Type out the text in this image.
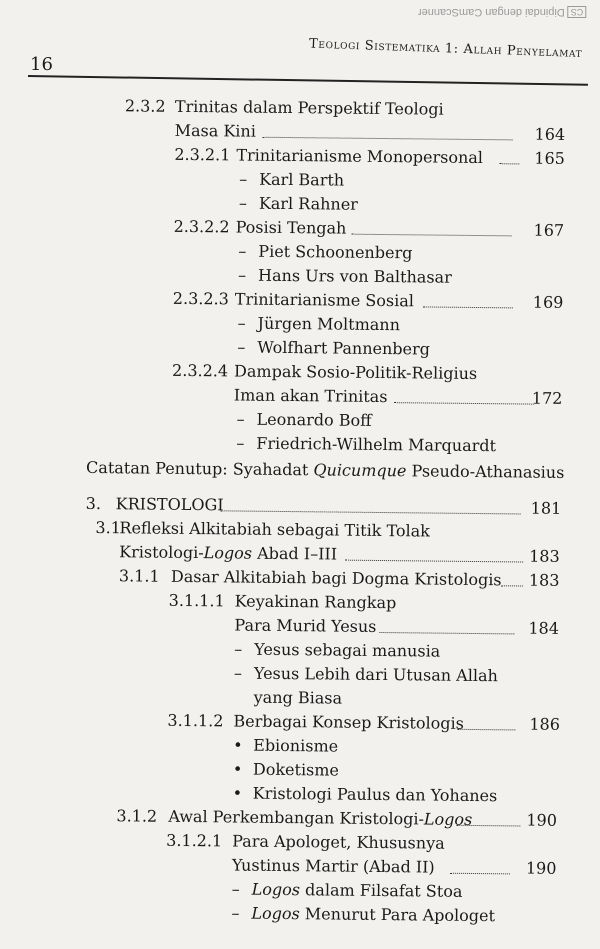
CSDipindai dengan CamScanner
16
Teologi Sistematika 1: Allah Penyelamat
2.3.2 Trinitas dalam Perspektif Teologi
Masa Kini	164
2.3.2.1 Trinitarianisme Monopersonal	165
– Karl Barth
– Karl Rahner
2.3.2.2 Posisi Tengah	167
– Piet Schoonenberg
– Hans Urs von Balthasar
2.3.2.3 Trinitarianisme Sosial	169
– Jürgen Moltmann
– Wolfhart Pannenberg
2.3.2.4 Dampak Sosio-Politik-Religius
Iman akan Trinitas	172
– Leonardo Boff
– Friedrich-Wilhelm Marquardt
Catatan Penutup: Syahadat Quicumque Pseudo-Athanasius
3. KRISTOLOGI	181
3.1
Refleksi Alkitabiah sebagai Titik Tolak
Kristologi-Logos Abad I–III	183
3.1.1 Dasar Alkitabiah bagi Dogma Kristologis 183
3.1.1.1 Keyakinan Rangkap
Para Murid Yesus	184
– Yesus sebagai manusia
– Yesus Lebih dari Utusan Allah
yang Biasa
3.1.1.2 Berbagai Konsep Kristologis	186
• Ebionisme
• Doketisme
• Kristologi Paulus dan Yohanes
3.1.2 Awal Perkembangan Kristologi-Logos	190
3.1.2.1 Para Apologet, Khususnya
Yustinus Martir (Abad II)	190
– Logos dalam Filsafat Stoa
– Logos Menurut Para Apologet
